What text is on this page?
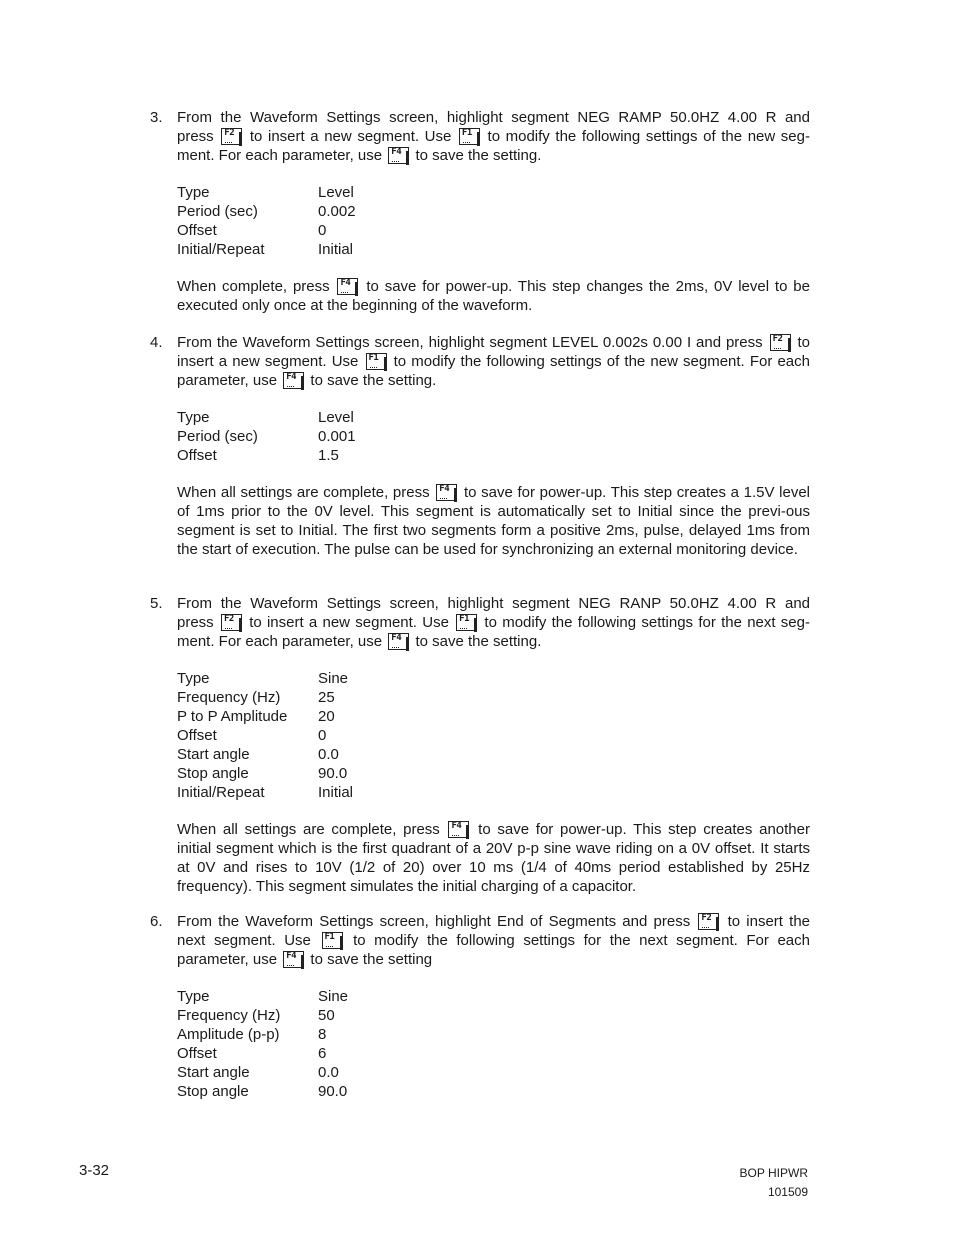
3. From the Waveform Settings screen, highlight segment NEG RAMP 50.0HZ 4.00 R and
press F2 to insert a new segment. Use F1 to modify the following settings of the new seg-
ment. For each parameter, use F4 to save the setting.
Type	Level
Period (sec)	0.002
Offset	0
Initial/Repeat	Initial
When complete, press F4 to save for power-up. This step changes the 2ms, 0V level to be executed only once at the beginning of the waveform.
4. From the Waveform Settings screen, highlight segment LEVEL 0.002s 0.00 I and press F2 to insert a new segment. Use F1 to modify the following settings of the new segment. For each parameter, use F4 to save the setting.
Type	Level
Period (sec)	0.001
Offset	1.5
When all settings are complete, press F4 to save for power-up. This step creates a 1.5V level of 1ms prior to the 0V level. This segment is automatically set to Initial since the previ-ous segment is set to Initial. The first two segments form a positive 2ms, pulse, delayed 1ms from the start of execution. The pulse can be used for synchronizing an external monitoring device.
5. From the Waveform Settings screen, highlight segment NEG RANP 50.0HZ 4.00 R and
press F2 to insert a new segment. Use F1 to modify the following settings for the next seg-
ment. For each parameter, use F4 to save the setting.
Type	Sine
Frequency (Hz)	25
P to P Amplitude	20
Offset	0
Start angle	0.0
Stop angle	90.0
Initial/Repeat	Initial
When all settings are complete, press F4 to save for power-up. This step creates another initial segment which is the first quadrant of a 20V p-p sine wave riding on a 0V offset. It starts at 0V and rises to 10V (1/2 of 20) over 10 ms (1/4 of 40ms period established by 25Hz frequency). This segment simulates the initial charging of a capacitor.
6. From the Waveform Settings screen, highlight End of Segments and press F2 to insert the next segment. Use F1 to modify the following settings for the next segment. For each parameter, use F4 to save the setting
Type	Sine
Frequency (Hz)	50
Amplitude (p-p)	8
Offset	6
Start angle	0.0
Stop angle	90.0
3-32	BOP HIPWR 101509
